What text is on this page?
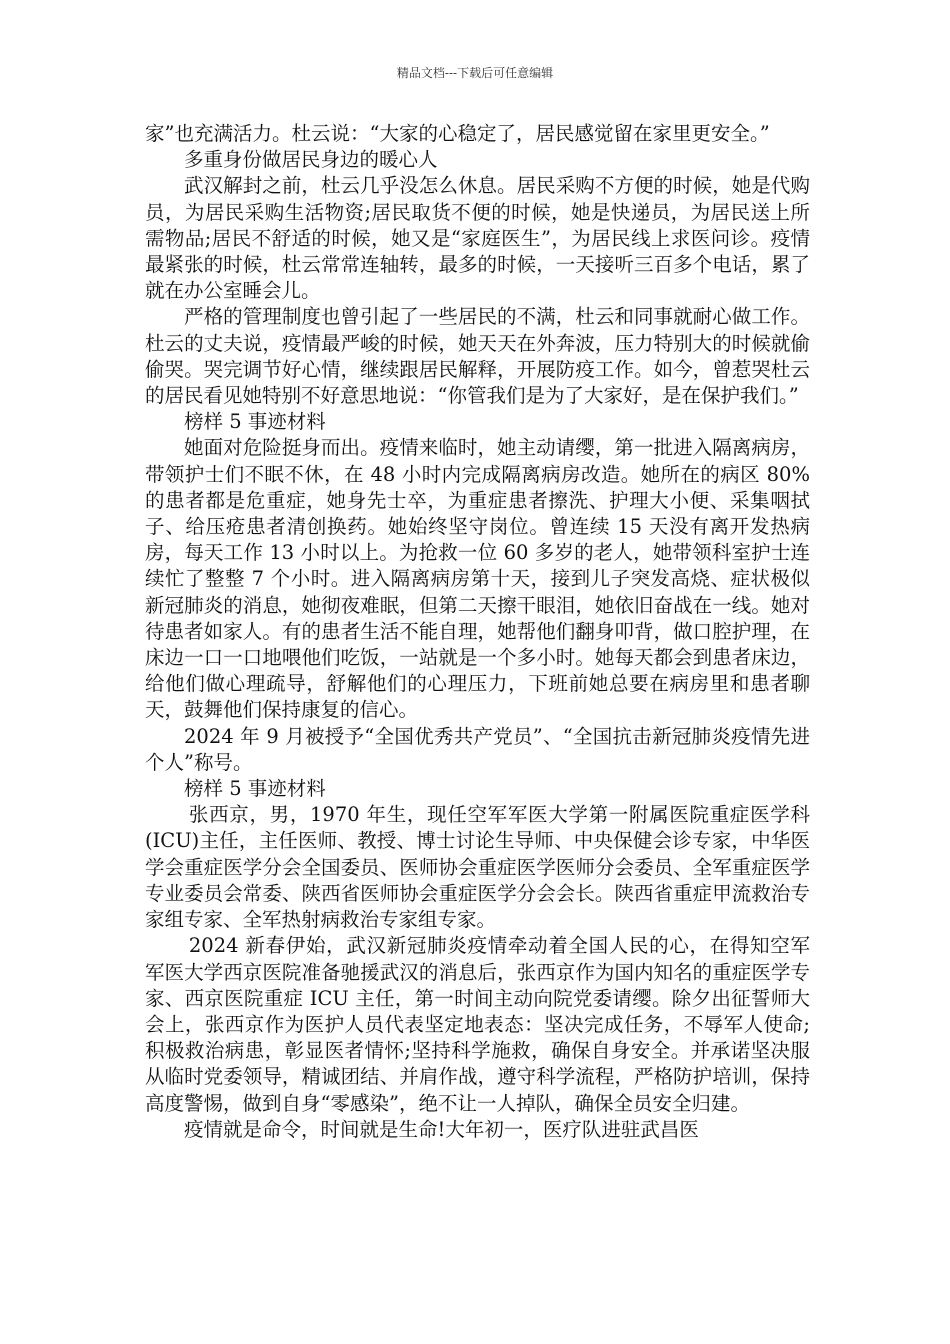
精品文档---下载后可任意编辑

家”也充满活力。杜云说：“大家的心稳定了，居民感觉留在家里更安全。”

多重身份做居民身边的暖心人

武汉解封之前，杜云几乎没怎么休息。居民采购不方便的时候，她是代购员，为居民采购生活物资;居民取货不便的时候，她是快递员，为居民送上所需物品;居民不舒适的时候，她又是“家庭医生”，为居民线上求医问诊。疫情最紧张的时候，杜云常常连轴转，最多的时候，一天接听三百多个电话，累了就在办公室睡会儿。

严格的管理制度也曾引起了一些居民的不满，杜云和同事就耐心做工作。杜云的丈夫说，疫情最严峻的时候，她天天在外奔波，压力特别大的时候就偷偷哭。哭完调节好心情，继续跟居民解释，开展防疫工作。如今，曾惹哭杜云的居民看见她特别不好意思地说：“你管我们是为了大家好，是在保护我们。”

榜样 5 事迹材料

她面对危险挺身而出。疫情来临时，她主动请缨，第一批进入隔离病房，带领护士们不眠不休，在 48 小时内完成隔离病房改造。她所在的病区 80%的患者都是危重症，她身先士卒，为重症患者擦洗、护理大小便、采集咽拭子、给压疮患者清创换药。她始终坚守岗位。曾连续 15 天没有离开发热病房，每天工作 13 小时以上。为抢救一位 60 多岁的老人，她带领科室护士连续忙了整整 7 个小时。进入隔离病房第十天，接到儿子突发高烧、症状极似新冠肺炎的消息，她彻夜难眠，但第二天擦干眼泪，她依旧奋战在一线。她对待患者如家人。有的患者生活不能自理，她帮他们翻身叩背，做口腔护理，在床边一口一口地喂他们吃饭，一站就是一个多小时。她每天都会到患者床边，给他们做心理疏导，舒解他们的心理压力，下班前她总要在病房里和患者聊天，鼓舞他们保持康复的信心。

2024 年 9 月被授予“全国优秀共产党员”、“全国抗击新冠肺炎疫情先进个人”称号。

榜样 5 事迹材料

张西京，男，1970 年生，现任空军军医大学第一附属医院重症医学科(ICU)主任，主任医师、教授、博士讨论生导师、中央保健会诊专家，中华医学会重症医学分会全国委员、医师协会重症医学医师分会委员、全军重症医学专业委员会常委、陕西省医师协会重症医学分会会长。陕西省重症甲流救治专家组专家、全军热射病救治专家组专家。

2024 新春伊始，武汉新冠肺炎疫情牵动着全国人民的心，在得知空军军医大学西京医院准备驰援武汉的消息后，张西京作为国内知名的重症医学专家、西京医院重症 ICU 主任，第一时间主动向院党委请缨。除夕出征誓师大会上，张西京作为医护人员代表坚定地表态：坚决完成任务，不辱军人使命;积极救治病患，彰显医者情怀;坚持科学施救，确保自身安全。并承诺坚决服从临时党委领导，精诚团结、并肩作战，遵守科学流程，严格防护培训，保持高度警惕，做到自身“零感染”，绝不让一人掉队，确保全员安全归建。

疫情就是命令，时间就是生命!大年初一，医疗队进驻武昌医
